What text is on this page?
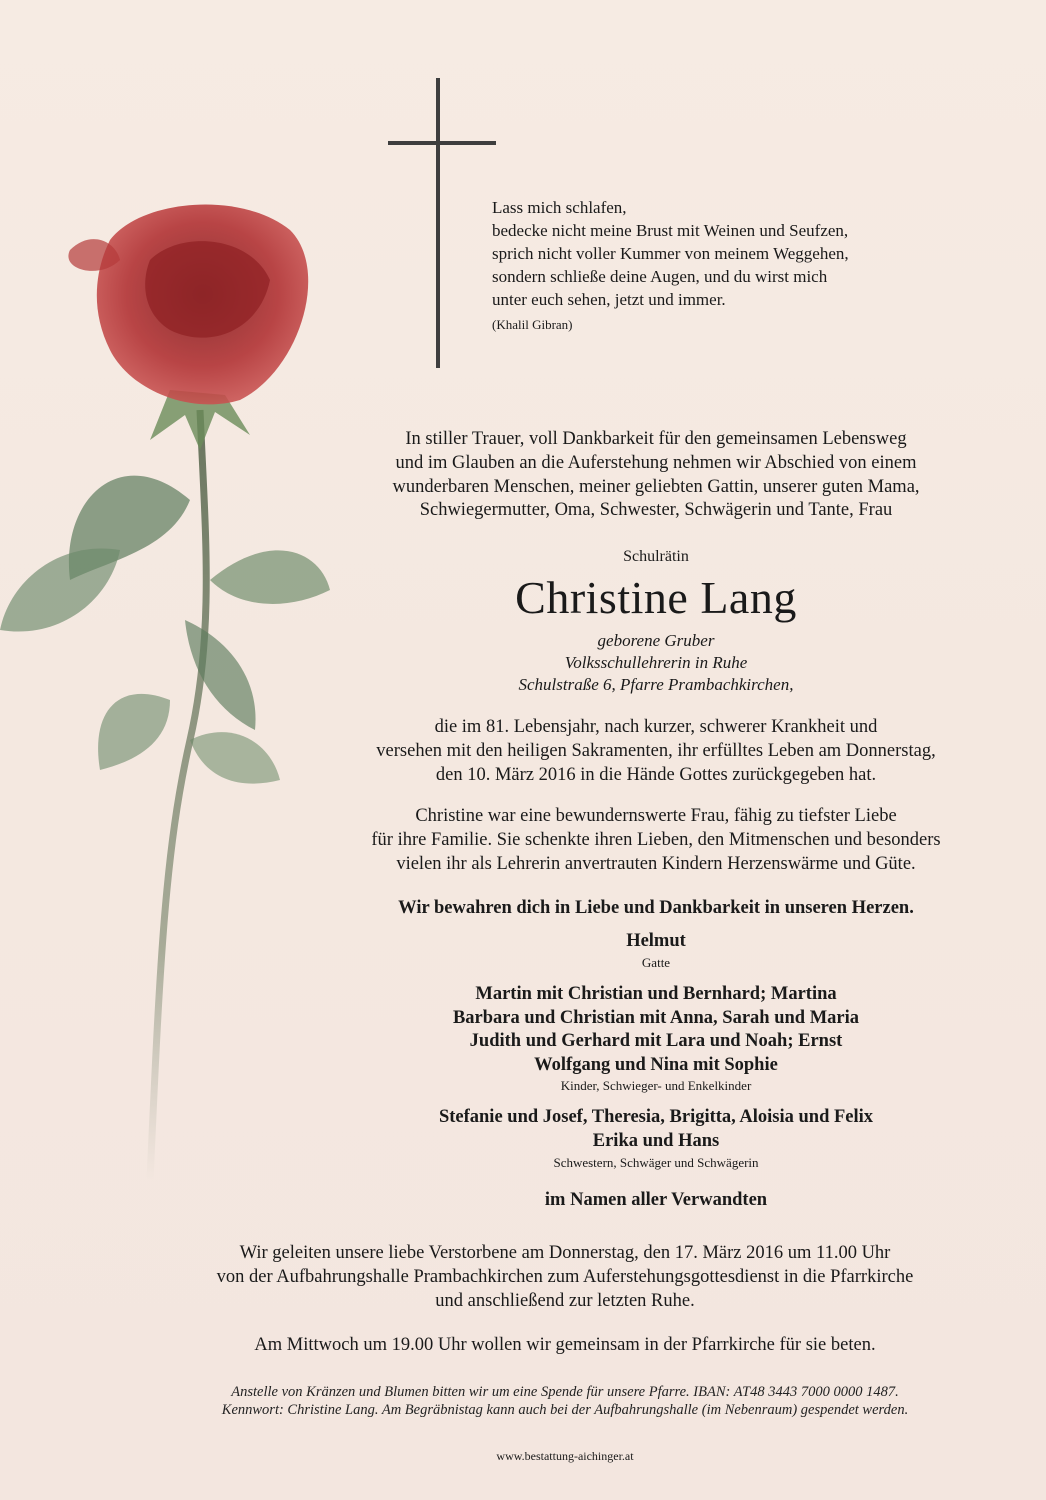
Lass mich schlafen,
bedecke nicht meine Brust mit Weinen und Seufzen,
sprich nicht voller Kummer von meinem Weggehen,
sondern schließe deine Augen, und du wirst mich
unter euch sehen, jetzt und immer.
(Khalil Gibran)
In stiller Trauer, voll Dankbarkeit für den gemeinsamen Lebensweg
und im Glauben an die Auferstehung nehmen wir Abschied von einem
wunderbaren Menschen, meiner geliebten Gattin, unserer guten Mama,
Schwiegermutter, Oma, Schwester, Schwägerin und Tante, Frau
Schulrätin
Christine Lang
geborene Gruber
Volksschullehrerin in Ruhe
Schulstraße 6, Pfarre Prambachkirchen,
die im 81. Lebensjahr, nach kurzer, schwerer Krankheit und
versehen mit den heiligen Sakramenten, ihr erfülltes Leben am Donnerstag,
den 10. März 2016 in die Hände Gottes zurückgegeben hat.
Christine war eine bewundernswerte Frau, fähig zu tiefster Liebe
für ihre Familie. Sie schenkte ihren Lieben, den Mitmenschen und besonders
vielen ihr als Lehrerin anvertrauten Kindern Herzenswärme und Güte.
Wir bewahren dich in Liebe und Dankbarkeit in unseren Herzen.
Helmut
Gatte
Martin mit Christian und Bernhard; Martina
Barbara und Christian mit Anna, Sarah und Maria
Judith und Gerhard mit Lara und Noah; Ernst
Wolfgang und Nina mit Sophie
Kinder, Schwieger- und Enkelkinder
Stefanie und Josef, Theresia, Brigitta, Aloisia und Felix
Erika und Hans
Schwestern, Schwäger und Schwägerin
im Namen aller Verwandten
Wir geleiten unsere liebe Verstorbene am Donnerstag, den 17. März 2016 um 11.00 Uhr
von der Aufbahrungshalle Prambachkirchen zum Auferstehungsgottesdienst in die Pfarrkirche
und anschließend zur letzten Ruhe.
Am Mittwoch um 19.00 Uhr wollen wir gemeinsam in der Pfarrkirche für sie beten.
Anstelle von Kränzen und Blumen bitten wir um eine Spende für unsere Pfarre. IBAN: AT48 3443 7000 0000 1487.
Kennwort: Christine Lang. Am Begräbnistag kann auch bei der Aufbahrungshalle (im Nebenraum) gespendet werden.
www.bestattung-aichinger.at
